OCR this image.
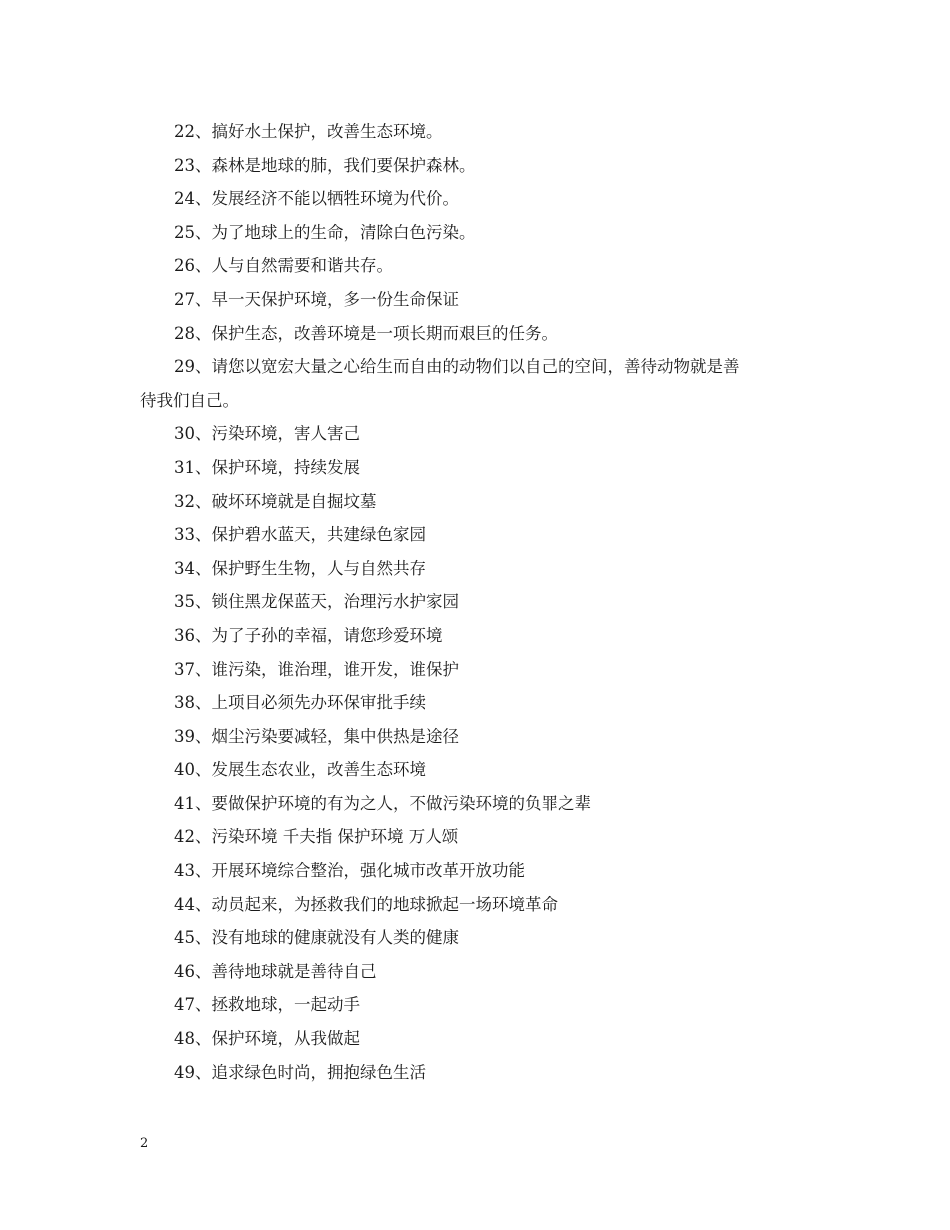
22、搞好水土保护，改善生态环境。
23、森林是地球的肺，我们要保护森林。
24、发展经济不能以牺牲环境为代价。
25、为了地球上的生命，清除白色污染。
26、人与自然需要和谐共存。
27、早一天保护环境，多一份生命保证
28、保护生态，改善环境是一项长期而艰巨的任务。
29、请您以宽宏大量之心给生而自由的动物们以自己的空间，善待动物就是善
待我们自己。
30、污染环境，害人害己
31、保护环境，持续发展
32、破坏环境就是自掘坟墓
33、保护碧水蓝天，共建绿色家园
34、保护野生生物，人与自然共存
35、锁住黑龙保蓝天，治理污水护家园
36、为了子孙的幸福，请您珍爱环境
37、谁污染，谁治理，谁开发，谁保护
38、上项目必须先办环保审批手续
39、烟尘污染要减轻，集中供热是途径
40、发展生态农业，改善生态环境
41、要做保护环境的有为之人，不做污染环境的负罪之辈
42、污染环境 千夫指 保护环境 万人颂
43、开展环境综合整治，强化城市改革开放功能
44、动员起来，为拯救我们的地球掀起一场环境革命
45、没有地球的健康就没有人类的健康
46、善待地球就是善待自己
47、拯救地球，一起动手
48、保护环境，从我做起
49、追求绿色时尚，拥抱绿色生活
2
